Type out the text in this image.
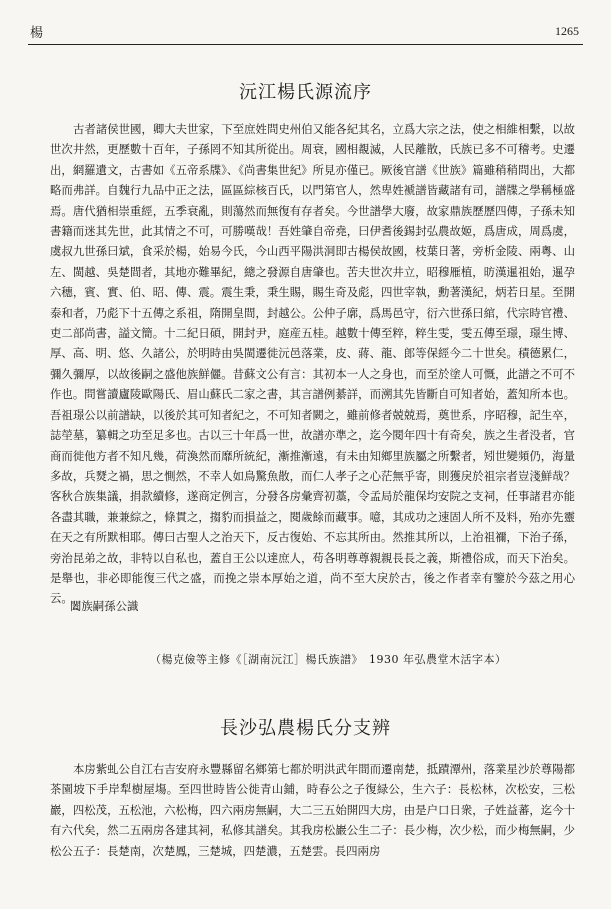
楊	1265
沅江楊氏源流序

古者諸侯世國，卿大夫世家，下至庶姓問史州伯又能各紀其名，立爲大宗之法，使之相維相繫，以故世次井然，更歷數十百年，子孫罔不知其所從出。周衰，國相覩滅，人民離散，氏族已多不可稽考。史遷出，網羅遺文，古書如《五帝系牒》、《尚書集世紀》所見亦僅已。厥後官譜《世族》篇雖稍稍問出，大都略而弗詳。自魏行九品中正之法，區區綜核百氏，以門第官人，然卑姓褫譜皆藏諸有司，譜牒之學稱極盛焉。唐代猶相崇重經，五季衰亂，則蕩然而無復有存者矣。今世譜學大廢，故家鼎族歷歷四傳，子孫未知書籍而迷其先世，此其情之不可，可勝嘆哉！吾姓肇自帝堯，曰伊耆後錫封弘農故姬，爲唐成，周爲虞，虞叔九世孫曰斌，食采於楊，始易今氏，今山西平陽洪洞即古楊侯故國，枝葉日著，旁析金陵、兩粵、山左、閩越、吳楚間者，其地亦難畢紀，總之發源自唐肇也。苦夫世次井立，昭穆雁植，昉漢暹祖始，暹孕六穗，賓、實、伯、昭、傳、震。震生秉，秉生賜，賜生奇及彪，四世宰執，勳著漢紀，炳若日星。至開泰和者，乃彪下十五傳之系祖，隋開皇間，封越公。公仲子廓，爲馬邑守，衍六世孫曰綰，代宗時官禮、吏二部尚書，謚文簡。十二紀日碩，開封尹，庭産五桂。越數十傳至粹，粹生雯，雯五傳至璟，璟生博、厚、高、明、悠、久諸公，於明時由吳閩遷徙沅邑落業，皮、蔣、龍、郎等保經今二十世矣。積德累仁，彌久彌厚，以故後嗣之盛他族鮮儷。昔蘇文公有言：其初本一人之身也，而至於塗人可慨，此譜之不可不作也。問嘗讀廬陵歐陽氏、眉山蘇氏二家之書，其言譜例綦詳，而溯其先皆斷自可知者始，蓋知所本也。吾祖璟公以前譜缺，以後於其可知者紀之，不可知者闕之，雖前修者兢兢焉，奠世系，序昭穆，記生卒，誌塋墓，纂輯之功至足多也。古以三十年爲一世，故譜亦準之，迄今閱年四十有奇矣，族之生者没者，官商而徙他方者不知凡幾，荷渙然而靡所統紀，漸推漸遠，有未由知鄉里族屬之所繫者，矧世變頻仍，海量多故，兵燹之禍，思之惻然，不幸人如鳥驚魚散，而仁人孝子之心茫無乎寄，則獲戾於祖宗者豈淺鮮哉？客秋合族集議，捐款續修，遂商定例言，分發各房彙齊初藁，令孟局於龍保均安院之支祠，任事諸君亦能各盡其職，兼兼綜之，條貫之，搊豹而損益之，閱歲餘而藏事。噫，其成功之速固人所不及料，殆亦先靈在天之有所默相耶。傳曰古聖人之治天下，反古復始、不忘其所由。然推其所以，上治祖禰，下治子孫，旁治昆弟之故，非特以自私也，蓋自王公以達庶人，苟各明尊尊親親長長之義，斯禮俗成，而天下治矣。是舉也，非必即能復三代之盛，而挽之崇本厚始之道，尚不至大戾於古，後之作者幸有鑒於今茲之用心云。

闔族嗣孫公識
（楊克儉等主修《［湖南沅江］楊氏族譜》　1930 年弘農堂木活字本）
長沙弘農楊氏分支辨

本房紫虬公自江右吉安府永豐縣留名鄉第七都於明洪武年間而遷南楚，抵蹟潭州，落業星沙於尊陽都茶園坡下手岸犁樹屋塲。至四世時皆公徙青山鋪，時春公之子復緑公，生六子：長松林，次松安，三松巖，四松茂，五松池，六松梅，四六兩房無嗣，大二三五始開四大房，由是户口日衆，子姓益蕃，迄今十有六代矣，然二五兩房各建其祠，私修其譜矣。其我房松巖公生二子：長少梅，次少松，而少梅無嗣，少松公五子：長楚南，次楚鳳，三楚城，四楚濃，五楚雲。長四兩房
